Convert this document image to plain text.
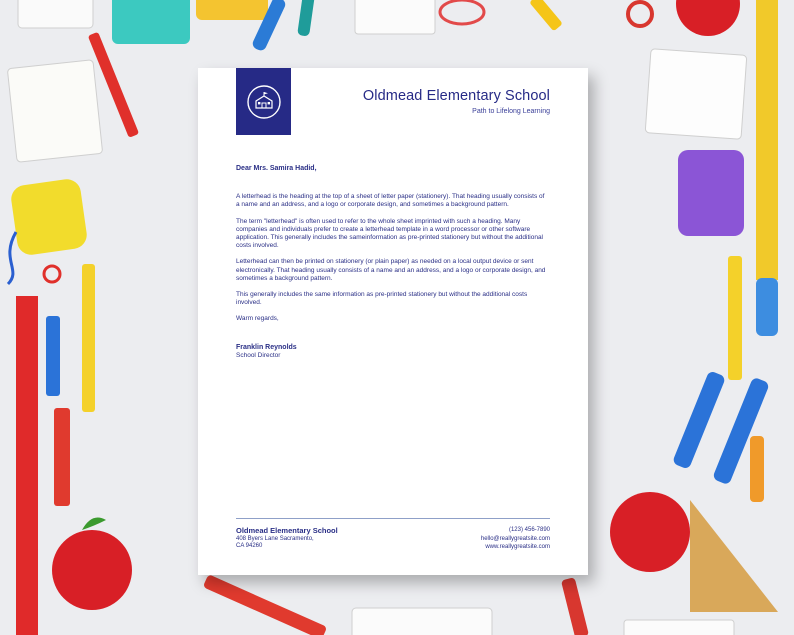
Oldmead Elementary School
Path to Lifelong Learning

Dear Mrs. Samira Hadid,

A letterhead is the heading at the top of a sheet of letter paper (stationery). That heading usually consists of a name and an address, and a logo or corporate design, and sometimes a background pattern.

The term "letterhead" is often used to refer to the whole sheet imprinted with such a heading. Many companies and individuals prefer to create a letterhead template in a word processor or other software application. This generally includes the sameinformation as pre-printed stationery but without the additional costs involved.

Letterhead can then be printed on stationery (or plain paper) as needed on a local output device or sent electronically. That heading usually consists of a name and an address, and a logo or corporate design, and sometimes a background pattern.

This generally includes the same information as pre-printed stationery but without the additional costs involved.

Warm regards,

Franklin Reynolds

School Director

Oldmead Elementary School
408 Byers Lane Sacramento,
CA 94260
(123) 456-7890
hello@reallygreatsite.com
www.reallygreatsite.com
